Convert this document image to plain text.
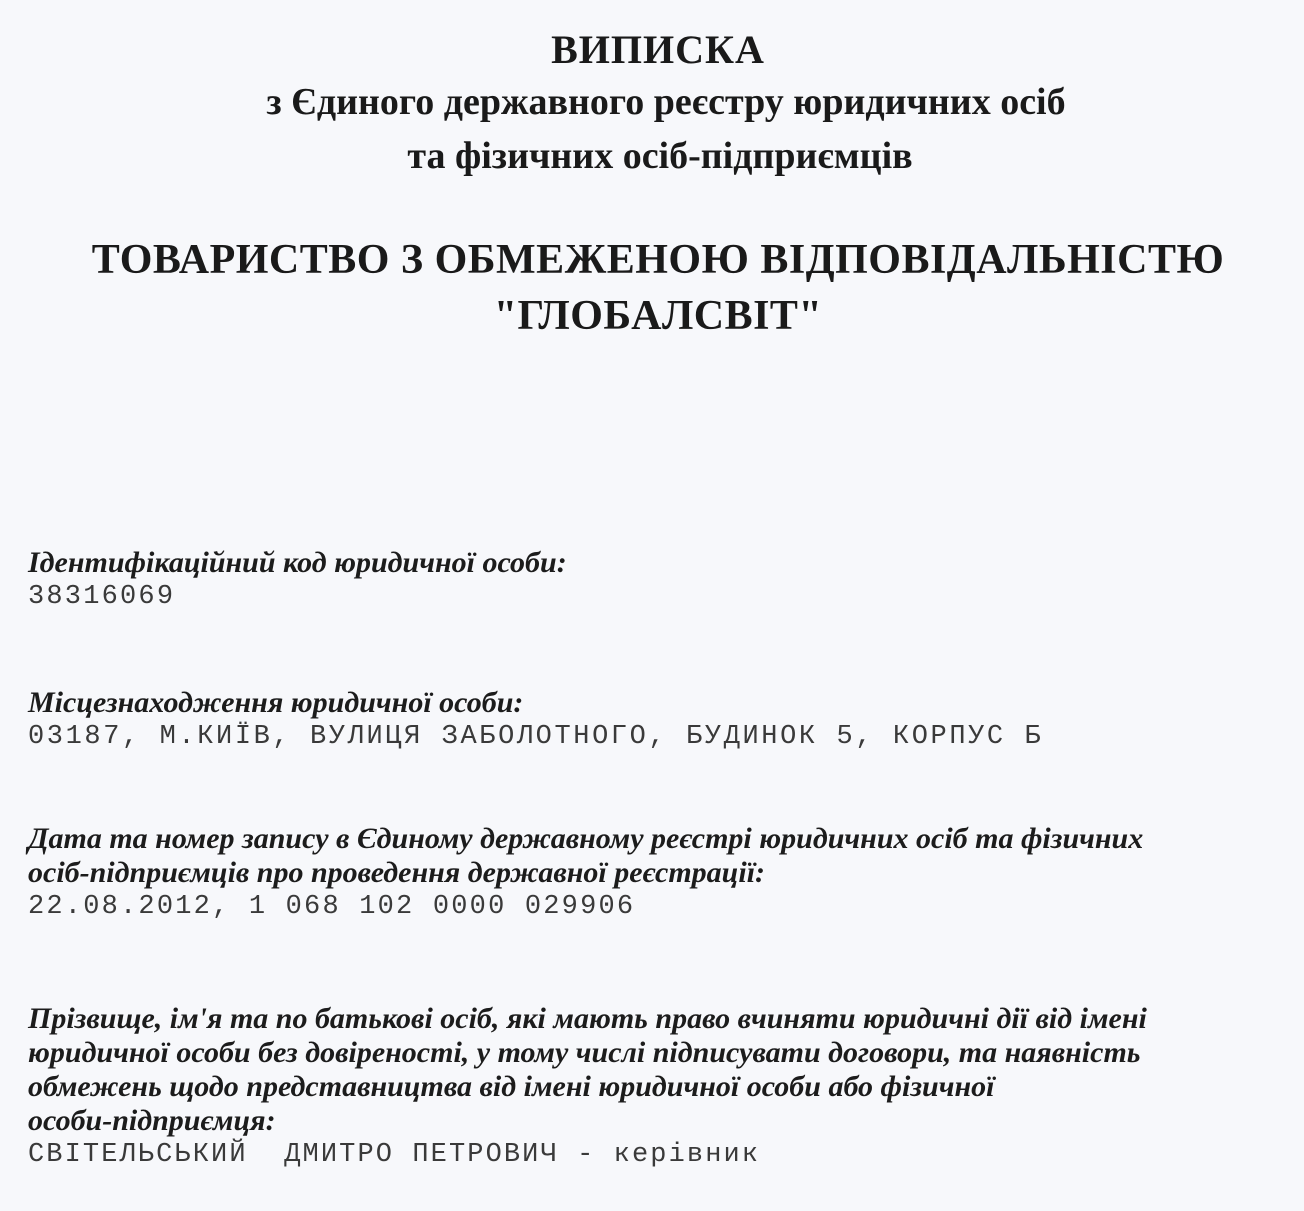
ВИПИСКА
з Єдиного державного реєстру юридичних осіб
та фізичних осіб-підприємців
ТОВАРИСТВО З ОБМЕЖЕНОЮ ВІДПОВІДАЛЬНІСТЮ
"ГЛОБАЛСВІТ"
Ідентифікаційний код юридичної особи:
38316069
Місцезнаходження юридичної особи:
03187, М.КИЇВ, ВУЛИЦЯ ЗАБОЛОТНОГО, БУДИНОК 5, КОРПУС Б
Дата та номер запису в Єдиному державному реєстрі юридичних осіб та фізичних
осіб-підприємців про проведення державної реєстрації:
22.08.2012, 1 068 102 0000 029906
Прізвище, ім'я та по батькові осіб, які мають право вчиняти юридичні дії від імені
юридичної особи без довіреності, у тому числі підписувати договори, та наявність
обмежень щодо представництва від імені юридичної особи або фізичної
особи-підприємця:
СВІТЕЛЬСЬКИЙ  ДМИТРО ПЕТРОВИЧ - керівник
